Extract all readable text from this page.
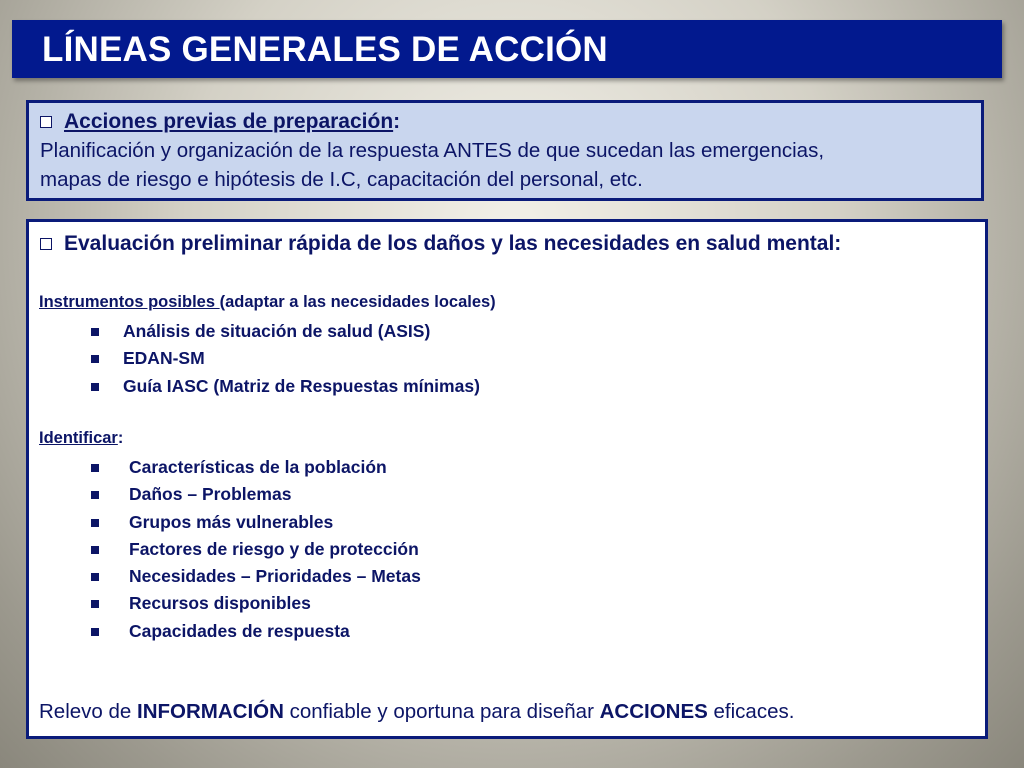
LÍNEAS GENERALES DE ACCIÓN
Acciones previas de preparación :
Planificación y organización de la respuesta ANTES de que sucedan las emergencias,
mapas de riesgo e hipótesis de I.C, capacitación del personal, etc.
Evaluación preliminar rápida de los daños y las necesidades en salud mental:
Instrumentos posibles (adaptar a las necesidades locales)
Análisis de situación de salud (ASIS)
EDAN-SM
Guía IASC (Matriz de Respuestas mínimas)
Identificar:
Características de la población
Daños – Problemas
Grupos más vulnerables
Factores de riesgo y de protección
Necesidades – Prioridades – Metas
Recursos disponibles
Capacidades de respuesta
Relevo de INFORMACIÓN confiable y oportuna para diseñar ACCIONES eficaces.
